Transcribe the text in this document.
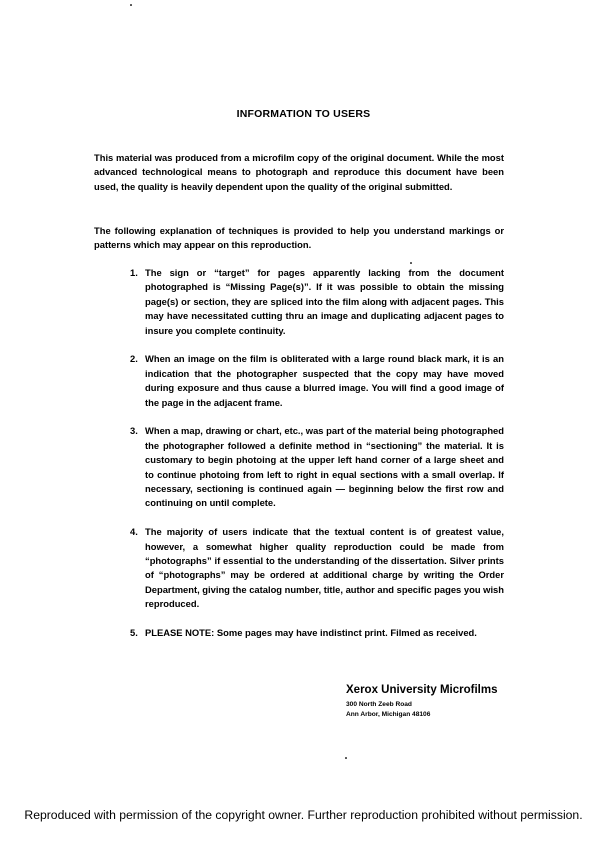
INFORMATION TO USERS

This material was produced from a microfilm copy of the original document. While the most advanced technological means to photograph and reproduce this document have been used, the quality is heavily dependent upon the quality of the original submitted.

The following explanation of techniques is provided to help you understand markings or patterns which may appear on this reproduction.

1. The sign or “target” for pages apparently lacking from the document photographed is “Missing Page(s)”. If it was possible to obtain the missing page(s) or section, they are spliced into the film along with adjacent pages. This may have necessitated cutting thru an image and duplicating adjacent pages to insure you complete continuity.
2. When an image on the film is obliterated with a large round black mark, it is an indication that the photographer suspected that the copy may have moved during exposure and thus cause a blurred image. You will find a good image of the page in the adjacent frame.
3. When a map, drawing or chart, etc., was part of the material being photographed the photographer followed a definite method in “sectioning” the material. It is customary to begin photoing at the upper left hand corner of a large sheet and to continue photoing from left to right in equal sections with a small overlap. If necessary, sectioning is continued again — beginning below the first row and continuing on until complete.
4. The majority of users indicate that the textual content is of greatest value, however, a somewhat higher quality reproduction could be made from “photographs” if essential to the understanding of the dissertation. Silver prints of “photographs” may be ordered at additional charge by writing the Order Department, giving the catalog number, title, author and specific pages you wish reproduced.
5. PLEASE NOTE: Some pages may have indistinct print. Filmed as received.
Xerox University Microfilms
300 North Zeeb Road
Ann Arbor, Michigan 48106
Reproduced with permission of the copyright owner. Further reproduction prohibited without permission.
